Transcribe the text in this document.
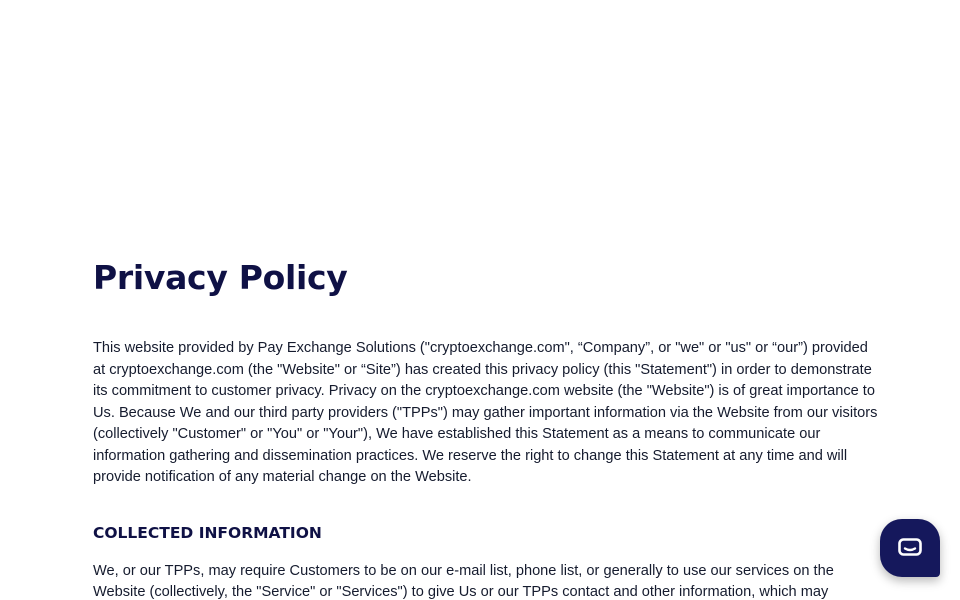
Privacy Policy

This website provided by Pay Exchange Solutions ("cryptoexchange.com", “Company”, or "we" or "us" or “our”) provided at cryptoexchange.com (the "Website" or “Site”) has created this privacy policy (this "Statement") in order to demonstrate its commitment to customer privacy. Privacy on the cryptoexchange.com website (the "Website") is of great importance to Us. Because We and our third party providers ("TPPs") may gather important information via the Website from our visitors (collectively "Customer" or "You" or "Your"), We have established this Statement as a means to communicate our information gathering and dissemination practices. We reserve the right to change this Statement at any time and will provide notification of any material change on the Website.

COLLECTED INFORMATION

We, or our TPPs, may require Customers to be on our e-mail list, phone list, or generally to use our services on the Website (collectively, the "Service" or "Services") to give Us or our TPPs contact and other information, which may
